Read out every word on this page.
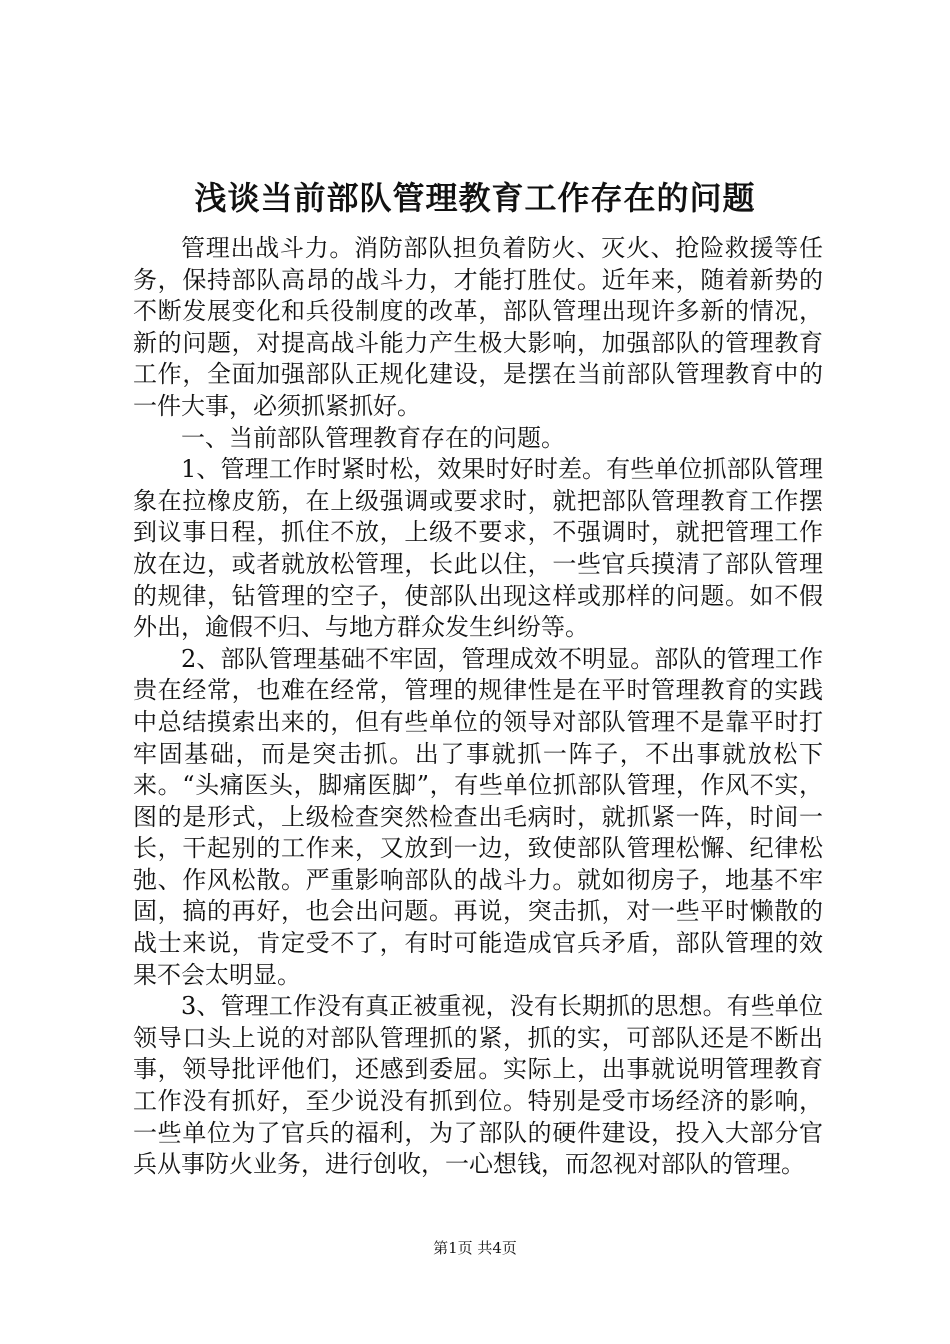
浅谈当前部队管理教育工作存在的问题

管理出战斗力。消防部队担负着防火、灭火、抢险救援等任务，保持部队高昂的战斗力，才能打胜仗。近年来，随着新势的不断发展变化和兵役制度的改革，部队管理出现许多新的情况，新的问题，对提高战斗能力产生极大影响，加强部队的管理教育工作，全面加强部队正规化建设，是摆在当前部队管理教育中的一件大事，必须抓紧抓好。

一、当前部队管理教育存在的问题。

1、管理工作时紧时松，效果时好时差。有些单位抓部队管理象在拉橡皮筋，在上级强调或要求时，就把部队管理教育工作摆到议事日程，抓住不放，上级不要求，不强调时，就把管理工作放在边，或者就放松管理，长此以住，一些官兵摸清了部队管理的规律，钻管理的空子，使部队出现这样或那样的问题。如不假外出，逾假不归、与地方群众发生纠纷等。

2、部队管理基础不牢固，管理成效不明显。部队的管理工作贵在经常，也难在经常，管理的规律性是在平时管理教育的实践中总结摸索出来的，但有些单位的领导对部队管理不是靠平时打牢固基础，而是突击抓。出了事就抓一阵子，不出事就放松下来。“头痛医头，脚痛医脚”，有些单位抓部队管理，作风不实，图的是形式，上级检查突然检查出毛病时，就抓紧一阵，时间一长，干起别的工作来，又放到一边，致使部队管理松懈、纪律松弛、作风松散。严重影响部队的战斗力。就如彻房子，地基不牢固，搞的再好，也会出问题。再说，突击抓，对一些平时懒散的战士来说，肯定受不了，有时可能造成官兵矛盾，部队管理的效果不会太明显。

3、管理工作没有真正被重视，没有长期抓的思想。有些单位领导口头上说的对部队管理抓的紧，抓的实，可部队还是不断出事，领导批评他们，还感到委屈。实际上，出事就说明管理教育工作没有抓好，至少说没有抓到位。特别是受市场经济的影响，一些单位为了官兵的福利，为了部队的硬件建设，投入大部分官兵从事防火业务，进行创收，一心想钱，而忽视对部队的管理。

第1页 共4页
